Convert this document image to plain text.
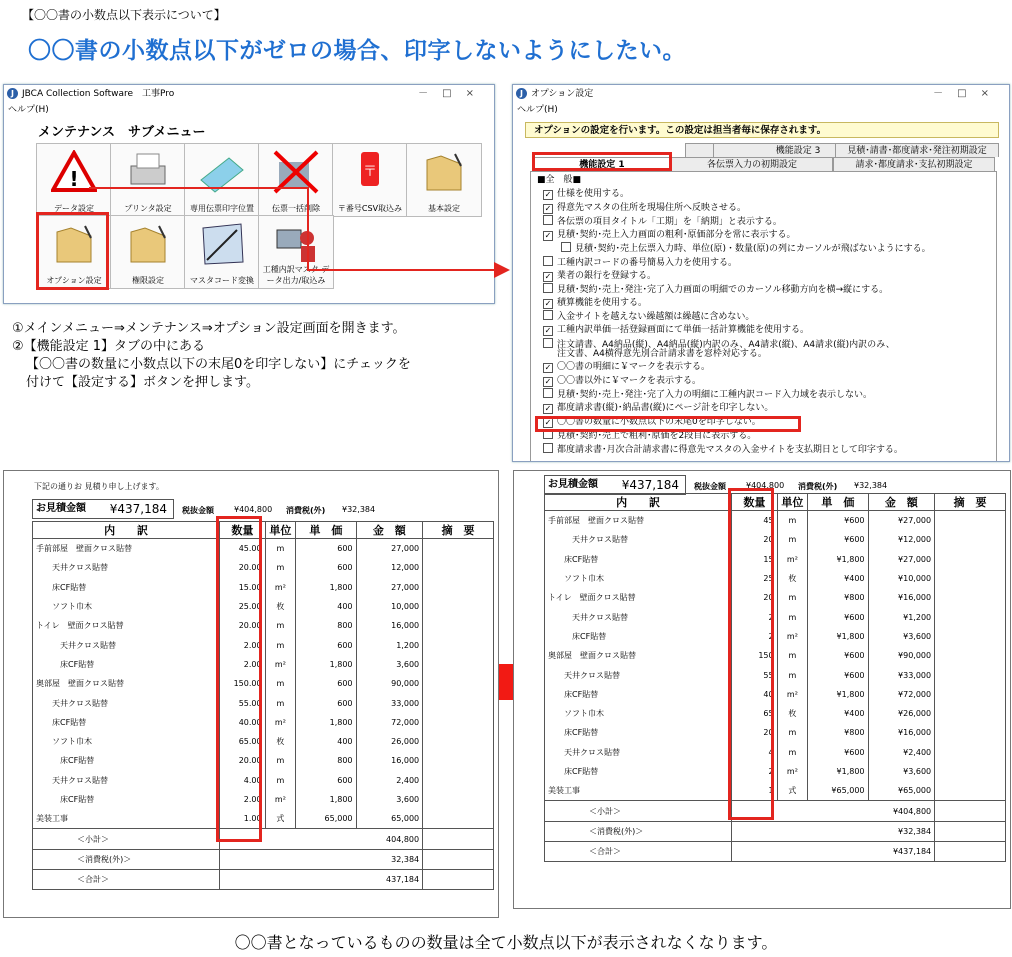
【〇〇書の小数点以下表示について】
〇〇書の小数点以下がゼロの場合、印字しないようにしたい。
J JBCA Collection Software　工事Pro	－□×
ヘルプ(H)
メンテナンス　サブメニュー
!
データ設定	プリンタ設定	専用伝票印字位置	伝票一括削除
〒
〒番号CSV取込み	基本設定
オプション設定	権限設定	マスタコード変換
工種内訳マスタ データ出力/取込み
J オプション設定	－□×
ヘルプ(H)
オプションの設定を行います。この設定は担当者毎に保存されます。
機能設定 3	見積･請書･都度請求･発注初期設定
機能設定 1	各伝票入力の初期設定	請求･都度請求･支払初期設定
■全　般■
✓ 仕様を使用する。
✓ 得意先マスタの住所を現場住所へ反映させる。
各伝票の項目タイトル「工期」を「納期」と表示する。
✓ 見積･契約･売上入力画面の粗利･原価部分を常に表示する。
見積･契約･売上伝票入力時、単位(原)・数量(原)の列にカーソルが飛ばないようにする。
工種内訳コードの番号簡易入力を使用する。
✓ 業者の銀行を登録する。
見積･契約･売上･発注･完了入力画面の明細でのカーソル移動方向を横→縦にする。
✓ 積算機能を使用する。
入金サイトを越えない繰越額は繰越に含めない。
✓ 工種内訳単価一括登録画面にて単価一括計算機能を使用する。
注文請書、A4納品(縦)、A4納品(縦)内訳のみ、A4請求(縦)、A4請求(縦)内訳のみ、
注文書、A4横得意先別合計請求書を窓枠対応する。
✓ 〇〇書の明細に￥マークを表示する。
✓ 〇〇書以外に￥マークを表示する。
見積･契約･売上･発注･完了入力の明細に工種内訳コード入力域を表示しない。
✓ 都度請求書(縦)･納品書(縦)にページ計を印字しない。
✓ 〇〇書の数量に小数点以下の末尾0を印字しない。
見積･契約･売上で粗利･原価を2段目に表示する。
都度請求書･月次合計請求書に得意先マスタの入金サイトを支払期日として印字する。
①メインメニュー⇒メンテナンス⇒オプション設定画面を開きます。
②【機能設定 1】タブの中にある
【〇〇書の数量に小数点以下の末尾0を印字しない】にチェックを
付けて【設定する】ボタンを押します。
下記の通りお 見積り申し上げます。
お見積金額 ¥437,184 税抜金額	¥404,800 消費税(外) ¥32,384
内　　訳	数量	単位	単　価	金　額	摘　要
手前部屋　壁面クロス貼替	45.00	m	600	27,000	
　　天井クロス貼替	20.00	m	600	12,000	
　　床CF貼替	15.00	m²	1,800	27,000	
　　ソフト巾木	25.00	枚	400	10,000	
トイレ　壁面クロス貼替	20.00	m	800	16,000	
　　　天井クロス貼替	2.00	m	600	1,200	
　　　床CF貼替	2.00	m²	1,800	3,600	
奥部屋　壁面クロス貼替	150.00	m	600	90,000	
　　天井クロス貼替	55.00	m	600	33,000	
　　床CF貼替	40.00	m²	1,800	72,000	
　　ソフト巾木	65.00	枚	400	26,000	
　　　床CF貼替	20.00	m	800	16,000	
　　天井クロス貼替	4.00	m	600	2,400	
　　　床CF貼替	2.00	m²	1,800	3,600	
美装工事	1.00	式	65,000	65,000	
＜小計＞	404,800				
＜消費税(外)＞	32,384				
＜合計＞	437,184				
お見積金額 ¥437,184 税抜金額	¥404,800 消費税(外) ¥32,384
内　　訳	数量	単位	単　価	金　額	摘　要
手前部屋　壁面クロス貼替	45	m	¥600	¥27,000	
　　　天井クロス貼替	20	m	¥600	¥12,000	
　　床CF貼替	15	m²	¥1,800	¥27,000	
　　ソフト巾木	25	枚	¥400	¥10,000	
トイレ　壁面クロス貼替	20	m	¥800	¥16,000	
　　　天井クロス貼替	2	m	¥600	¥1,200	
　　　床CF貼替	2	m²	¥1,800	¥3,600	
奥部屋　壁面クロス貼替	150	m	¥600	¥90,000	
　　天井クロス貼替	55	m	¥600	¥33,000	
　　床CF貼替	40	m²	¥1,800	¥72,000	
　　ソフト巾木	65	枚	¥400	¥26,000	
　　床CF貼替	20	m	¥800	¥16,000	
　　天井クロス貼替	4	m	¥600	¥2,400	
　　床CF貼替	2	m²	¥1,800	¥3,600	
美装工事	1	式	¥65,000	¥65,000	
＜小計＞	¥404,800				
＜消費税(外)＞	¥32,384				
＜合計＞	¥437,184				
〇〇書となっているものの数量は全て小数点以下が表示されなくなります。
